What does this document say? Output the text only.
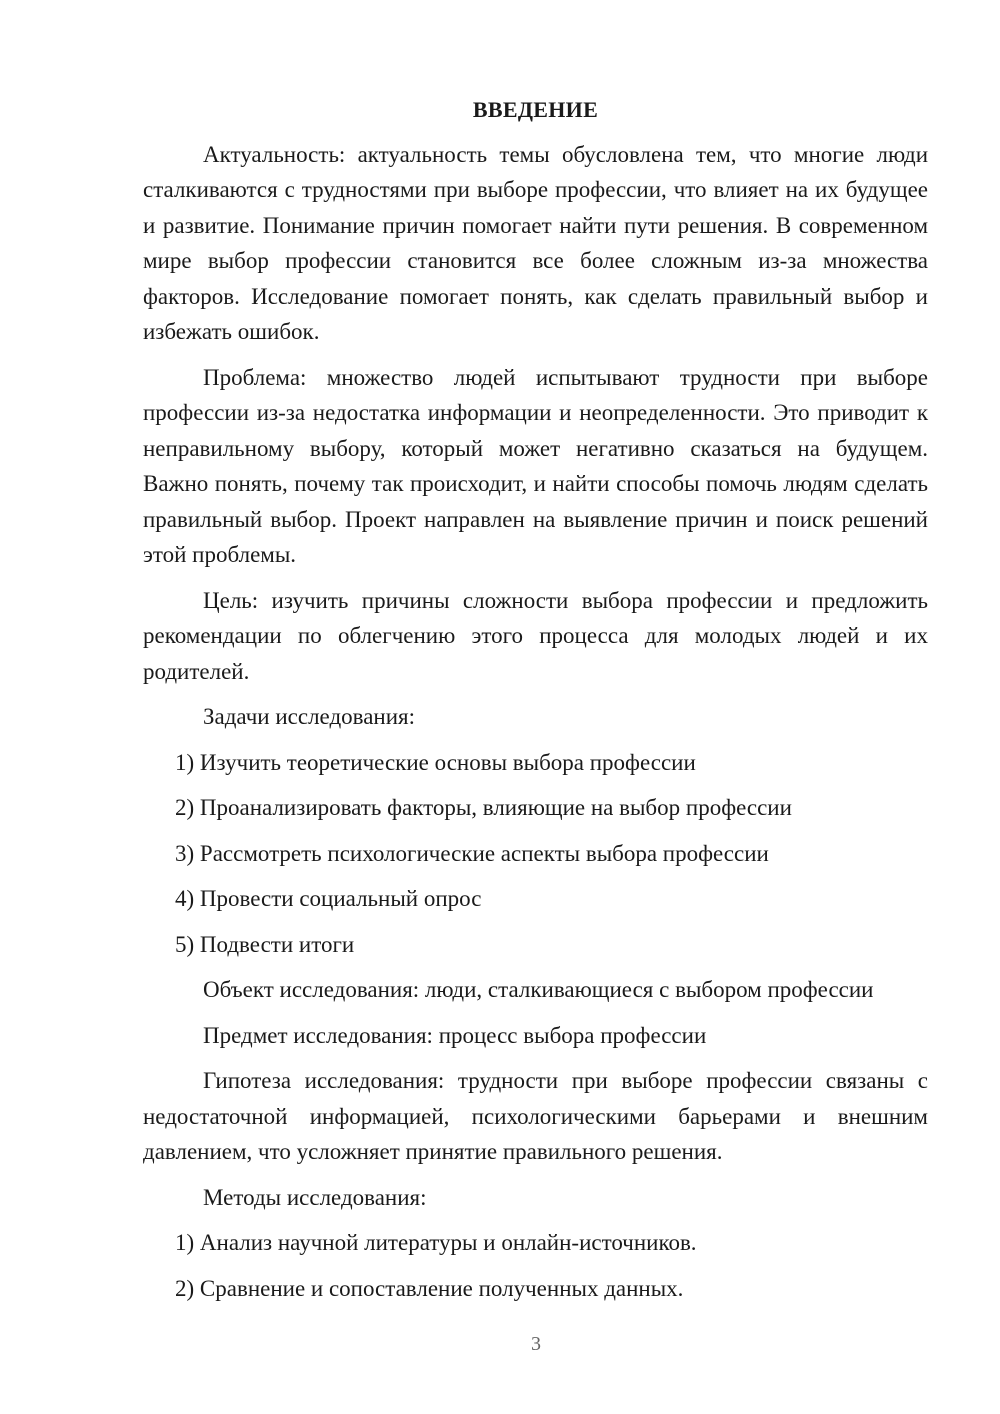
ВВЕДЕНИЕ

Актуальность: актуальность темы обусловлена тем, что многие люди сталкиваются с трудностями при выборе профессии, что влияет на их будущее и развитие. Понимание причин помогает найти пути решения. В современном мире выбор профессии становится все более сложным из-за множества факторов. Исследование помогает понять, как сделать правильный выбор и избежать ошибок.

Проблема: множество людей испытывают трудности при выборе профессии из-за недостатка информации и неопределенности. Это приводит к неправильному выбору, который может негативно сказаться на будущем. Важно понять, почему так происходит, и найти способы помочь людям сделать правильный выбор. Проект направлен на выявление причин и поиск решений этой проблемы.

Цель: изучить причины сложности выбора профессии и предложить рекомендации по облегчению этого процесса для молодых людей и их родителей.

Задачи исследования:
1) Изучить теоретические основы выбора профессии
2) Проанализировать факторы, влияющие на выбор профессии
3) Рассмотреть психологические аспекты выбора профессии
4) Провести социальный опрос
5) Подвести итоги
Объект исследования: люди, сталкивающиеся с выбором профессии
Предмет исследования: процесс выбора профессии

Гипотеза исследования: трудности при выборе профессии связаны с недостаточной информацией, психологическими барьерами и внешним давлением, что усложняет принятие правильного решения.

Методы исследования:
1) Анализ научной литературы и онлайн-источников.
2) Сравнение и сопоставление полученных данных.
3
